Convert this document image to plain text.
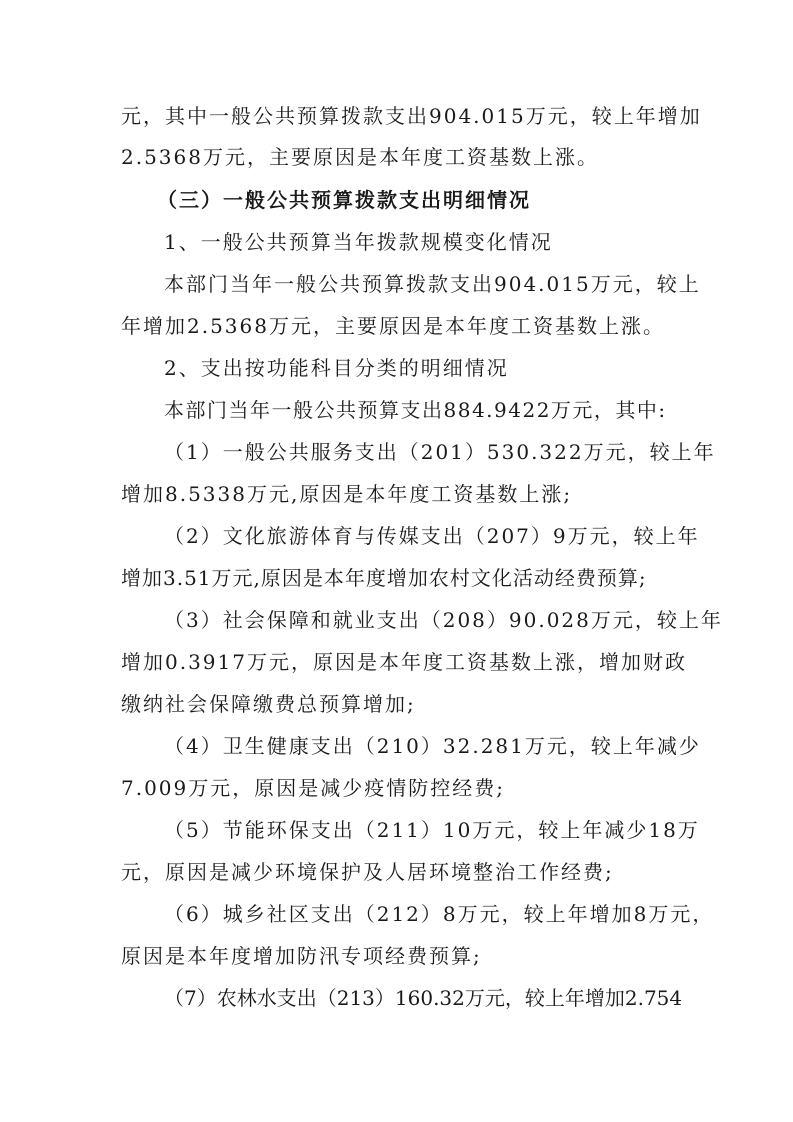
元，其中一般公共预算拨款支出904.015万元，较上年增加
2.5368万元，主要原因是本年度工资基数上涨。
（三）一般公共预算拨款支出明细情况
1、一般公共预算当年拨款规模变化情况
本部门当年一般公共预算拨款支出904.015万元，较上
年增加2.5368万元，主要原因是本年度工资基数上涨。
2、支出按功能科目分类的明细情况
本部门当年一般公共预算支出884.9422万元，其中:
（1）一般公共服务支出（201）530.322万元，较上年
增加8.5338万元,原因是本年度工资基数上涨;
（2）文化旅游体育与传媒支出（207）9万元，较上年
增加3.51万元,原因是本年度增加农村文化活动经费预算;
（3）社会保障和就业支出（208）90.028万元，较上年
增加0.3917万元，原因是本年度工资基数上涨，增加财政
缴纳社会保障缴费总预算增加;
（4）卫生健康支出（210）32.281万元，较上年减少
7.009万元，原因是减少疫情防控经费;
（5）节能环保支出（211）10万元，较上年减少18万
元，原因是减少环境保护及人居环境整治工作经费;
（6）城乡社区支出（212）8万元，较上年增加8万元，
原因是本年度增加防汛专项经费预算;
（7）农林水支出（213）160.32万元，较上年增加2.754
